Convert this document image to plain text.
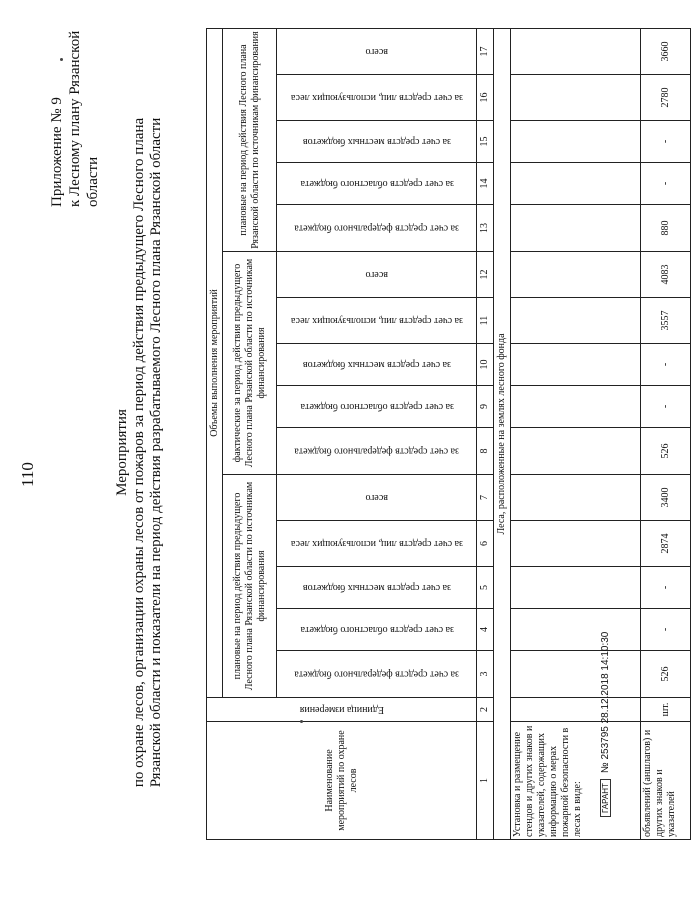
110
Приложение № 9 к Лесному плану Рязанской области
Мероприятия по охране лесов, организации охраны лесов от пожаров за период действия предыдущего Лесного плана Рязанской области и показатели на период действия разрабатываемого Лесного плана Рязанской области	Наименование мероприятий по охране лесов	Единица измерения	Объемы выполнения мероприятий														
		плановые на период действия предыдущего Лесного плана Рязанской области по источникам финансирования					фактические за период действия предыдущего Лесного плана Рязанской области по источникам финансирования					плановые на период действия Лесного плана Рязанской области по источникам финансирования				
		за счет средств федерального бюджета	за счет средств областного бюджета	за счет средств местных бюджетов	за счет средств лиц, использующих леса	всего	за счет средств федерального бюджета	за счет средств областного бюджета	за счет средств местных бюджетов	за счет средств лиц, использующих леса	всего	за счет средств федерального бюджета	за счет средств областного бюджета	за счет средств местных бюджетов	за счет средств лиц, использующих леса	всего
1	2	3	4	5	6	7	8	9	10	11	12	13	14	15	16	17
Леса, расположенные на землях лесного фонда																
Установка и размещение стендов и других знаков и указателей, содержащих информацию о мерах пожарной безопасности в лесах в виде:																
объявлений (аншлагов) и других знаков и указателей	шт.	526	-	-	2874	3400	526	-	-	3557	4083	880	-	-	2780	3660
ГАРАНТ№ 253795 28.12.2018 14:10:30
